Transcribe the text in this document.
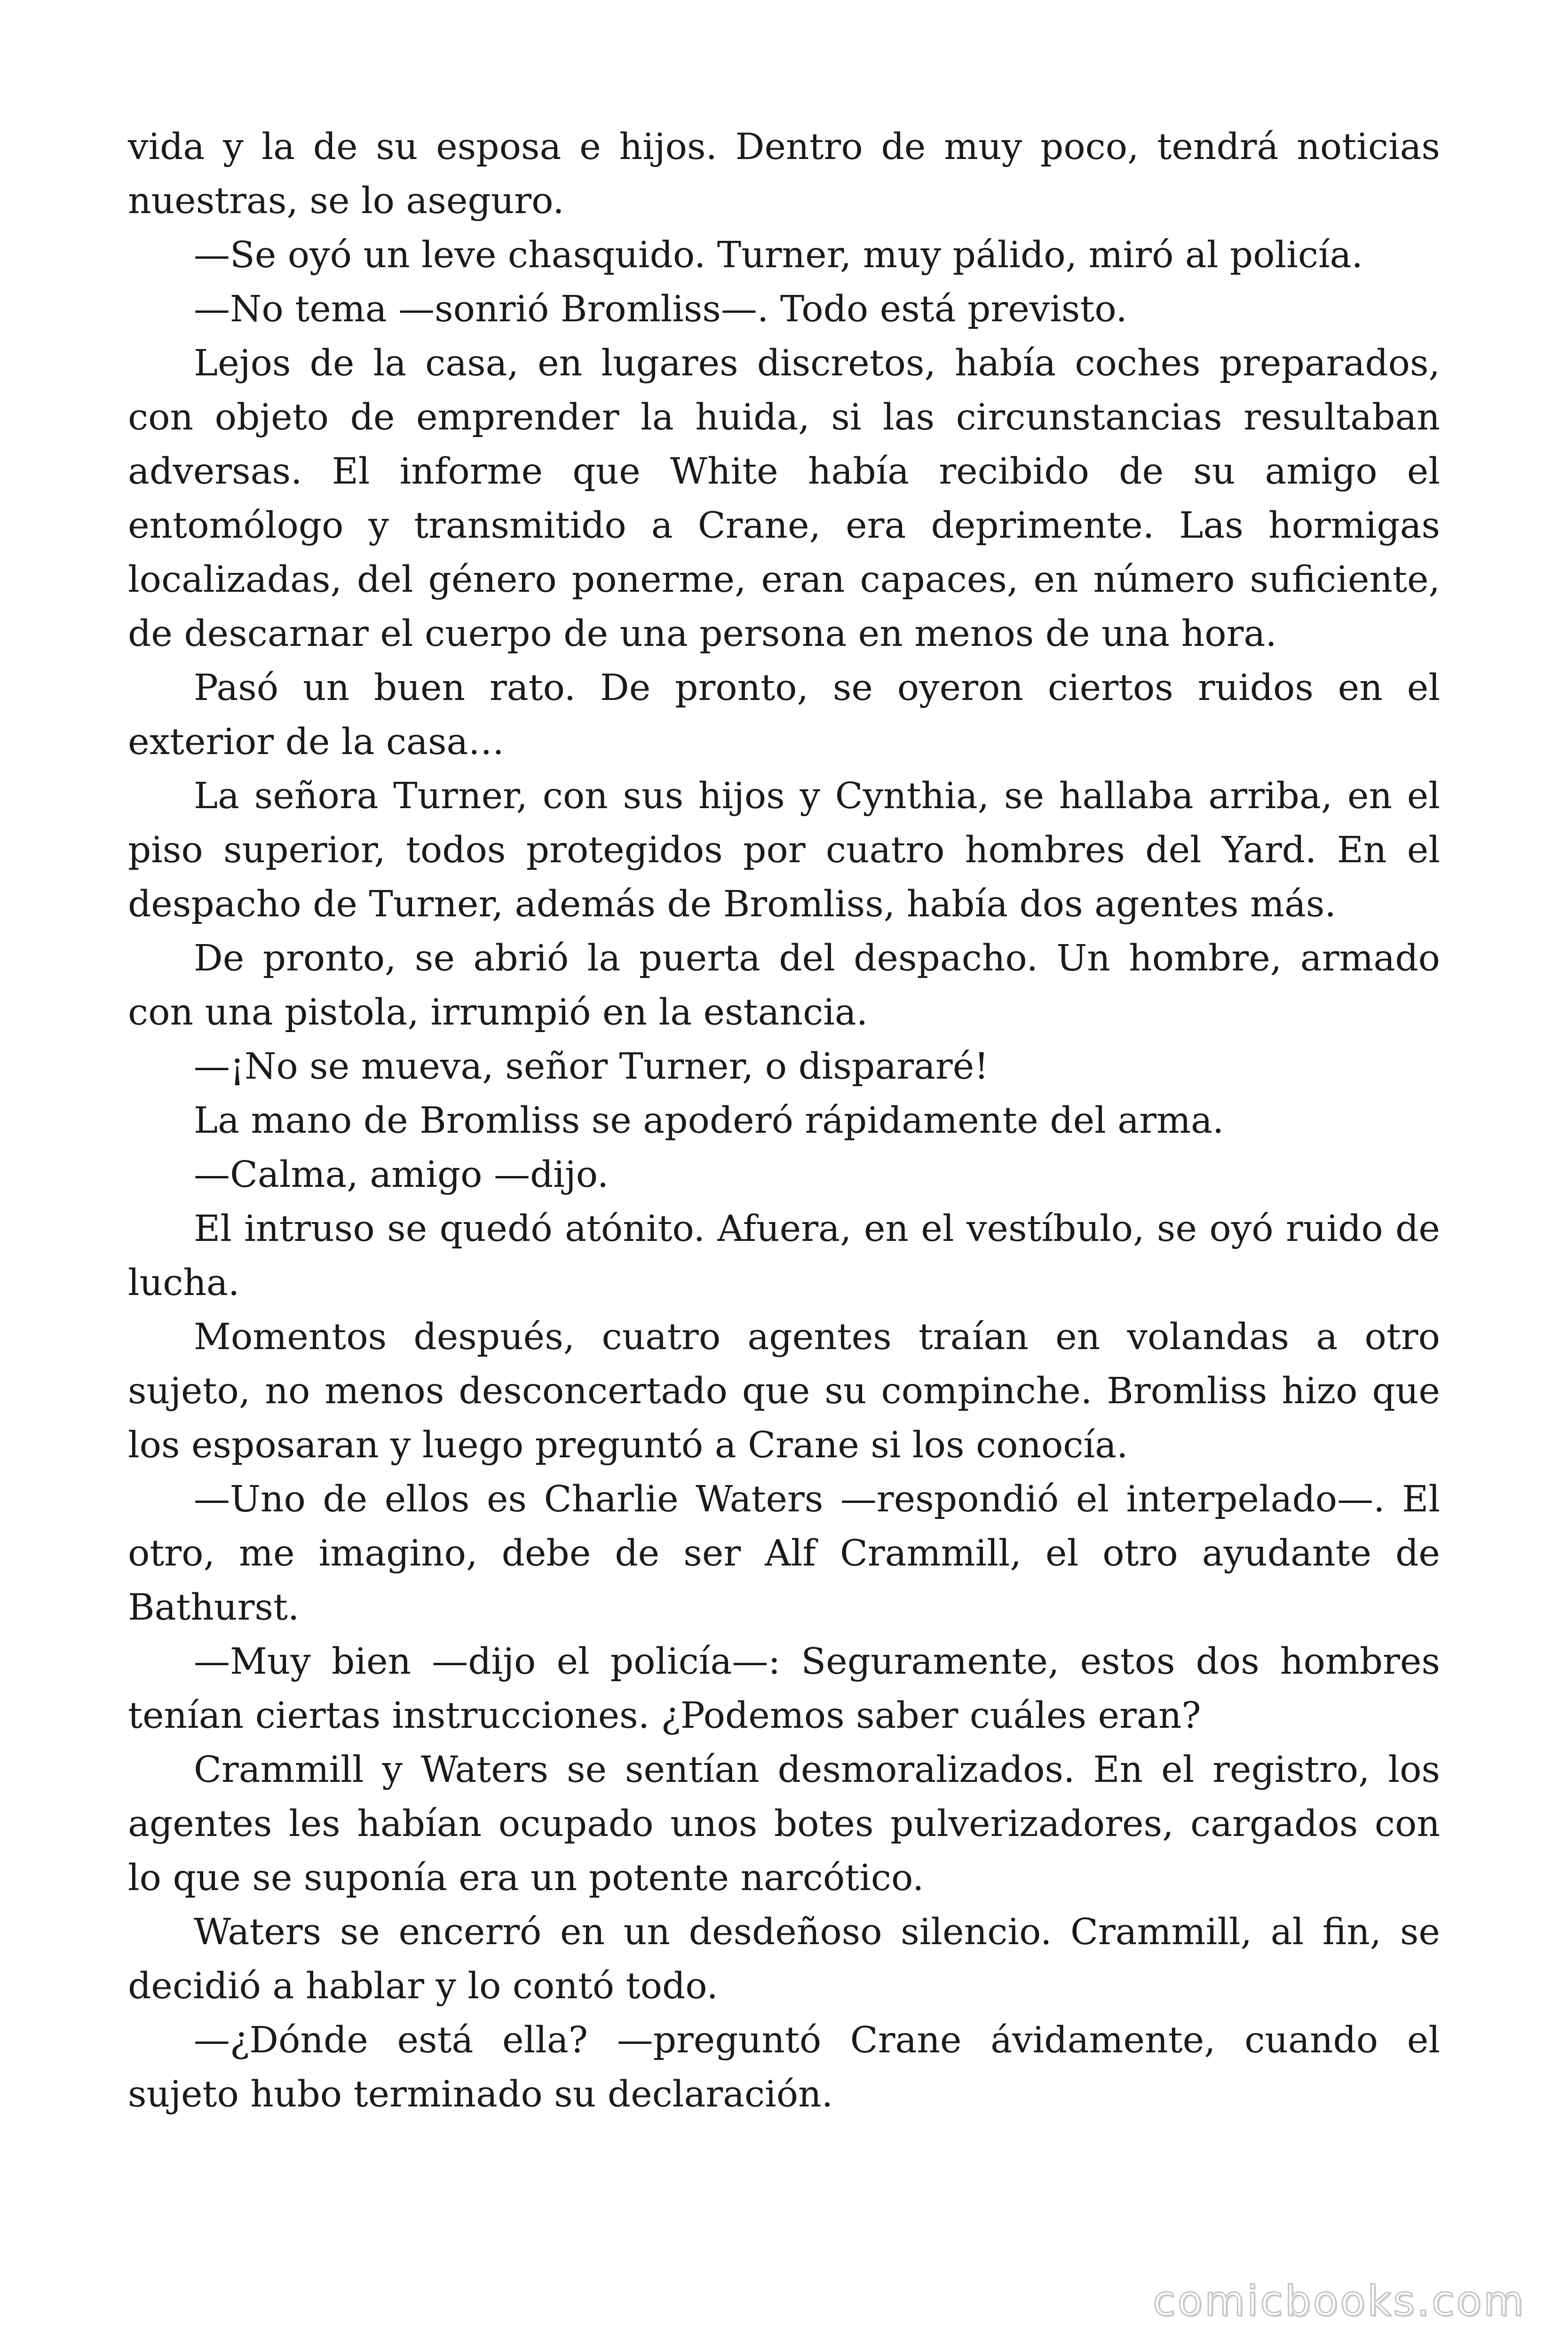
vida y la de su esposa e hijos. Dentro de muy poco, tendrá noticias nuestras, se lo aseguro.

—Se oyó un leve chasquido. Turner, muy pálido, miró al policía.

—No tema —sonrió Bromliss—. Todo está previsto.

Lejos de la casa, en lugares discretos, había coches preparados, con objeto de emprender la huida, si las circunstancias resultaban adversas. El informe que White había recibido de su amigo el entomólogo y transmitido a Crane, era deprimente. Las hormigas localizadas, del género ponerme, eran capaces, en número suficiente, de descarnar el cuerpo de una persona en menos de una hora.

Pasó un buen rato. De pronto, se oyeron ciertos ruidos en el exterior de la casa…

La señora Turner, con sus hijos y Cynthia, se hallaba arriba, en el piso superior, todos protegidos por cuatro hombres del Yard. En el despacho de Turner, además de Bromliss, había dos agentes más.

De pronto, se abrió la puerta del despacho. Un hombre, armado con una pistola, irrumpió en la estancia.

—¡No se mueva, señor Turner, o dispararé!

La mano de Bromliss se apoderó rápidamente del arma.

—Calma, amigo —dijo.

El intruso se quedó atónito. Afuera, en el vestíbulo, se oyó ruido de lucha.

Momentos después, cuatro agentes traían en volandas a otro sujeto, no menos desconcertado que su compinche. Bromliss hizo que los esposaran y luego preguntó a Crane si los conocía.

—Uno de ellos es Charlie Waters —respondió el interpelado—. El otro, me imagino, debe de ser Alf Crammill, el otro ayudante de Bathurst.

—Muy bien —dijo el policía—: Seguramente, estos dos hombres tenían ciertas instrucciones. ¿Podemos saber cuáles eran?

Crammill y Waters se sentían desmoralizados. En el registro, los agentes les habían ocupado unos botes pulverizadores, cargados con lo que se suponía era un potente narcótico.

Waters se encerró en un desdeñoso silencio. Crammill, al fin, se decidió a hablar y lo contó todo.

—¿Dónde está ella? —preguntó Crane ávidamente, cuando el sujeto hubo terminado su declaración.

comicbooks.com
